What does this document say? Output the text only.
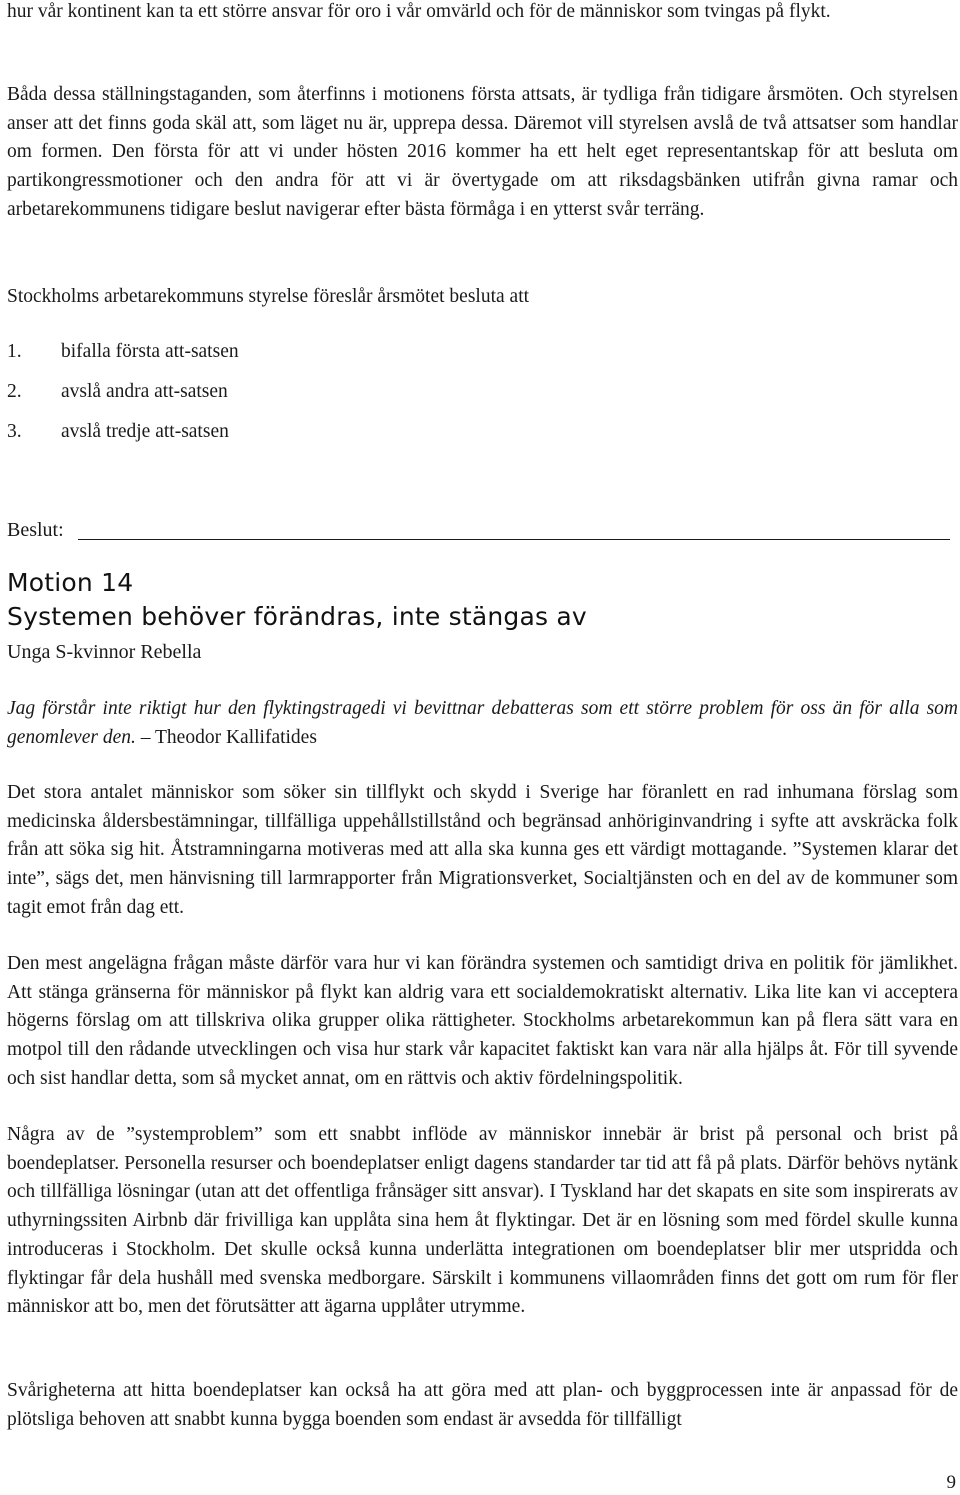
hur vår kontinent kan ta ett större ansvar för oro i vår omvärld och för de människor som tvingas på flykt.

Båda dessa ställningstaganden, som återfinns i motionens första attsats, är tydliga från tidigare årsmöten. Och styrelsen anser att det finns goda skäl att, som läget nu är, upprepa dessa. Däremot vill styrelsen avslå de två attsatser som handlar om formen. Den första för att vi under hösten 2016 kommer ha ett helt eget representantskap för att besluta om partikongressmotioner och den andra för att vi är övertygade om att riksdagsbänken utifrån givna ramar och arbetarekommunens tidigare beslut navigerar efter bästa förmåga i en ytterst svår terräng.

Stockholms arbetarekommuns styrelse föreslår årsmötet besluta att

1.	bifalla första att-satsen
2.	avslå andra att-satsen
3.	avslå tredje att-satsen
Beslut:
Motion 14
Systemen behöver förändras, inte stängas av
Unga S-kvinnor Rebella

Jag förstår inte riktigt hur den flyktingstragedi vi bevittnar debatteras som ett större problem för oss än för alla som genomlever den. – Theodor Kallifatides

Det stora antalet människor som söker sin tillflykt och skydd i Sverige har föranlett en rad inhumana förslag som medicinska åldersbestämningar, tillfälliga uppehållstillstånd och begränsad anhöriginvandring i syfte att avskräcka folk från att söka sig hit. Åtstramningarna motiveras med att alla ska kunna ges ett värdigt mottagande. ”Systemen klarar det inte”, sägs det, men hänvisning till larmrapporter från Migrationsverket, Socialtjänsten och en del av de kommuner som tagit emot från dag ett.

Den mest angelägna frågan måste därför vara hur vi kan förändra systemen och samtidigt driva en politik för jämlikhet. Att stänga gränserna för människor på flykt kan aldrig vara ett socialdemokratiskt alternativ. Lika lite kan vi acceptera högerns förslag om att tillskriva olika grupper olika rättigheter. Stockholms arbetarekommun kan på flera sätt vara en motpol till den rådande utvecklingen och visa hur stark vår kapacitet faktiskt kan vara när alla hjälps åt. För till syvende och sist handlar detta, som så mycket annat, om en rättvis och aktiv fördelningspolitik.

Några av de ”systemproblem” som ett snabbt inflöde av människor innebär är brist på personal och brist på boendeplatser. Personella resurser och boendeplatser enligt dagens standarder tar tid att få på plats. Därför behövs nytänk och tillfälliga lösningar (utan att det offentliga frånsäger sitt ansvar). I Tyskland har det skapats en site som inspirerats av uthyrningssiten Airbnb där frivilliga kan upplåta sina hem åt flyktingar. Det är en lösning som med fördel skulle kunna introduceras i Stockholm. Det skulle också kunna underlätta integrationen om boendeplatser blir mer utspridda och flyktingar får dela hushåll med svenska medborgare. Särskilt i kommunens villaområden finns det gott om rum för fler människor att bo, men det förutsätter att ägarna upplåter utrymme.

Svårigheterna att hitta boendeplatser kan också ha att göra med att plan- och byggprocessen inte är anpassad för de plötsliga behoven att snabbt kunna bygga boenden som endast är avsedda för tillfälligt

9
